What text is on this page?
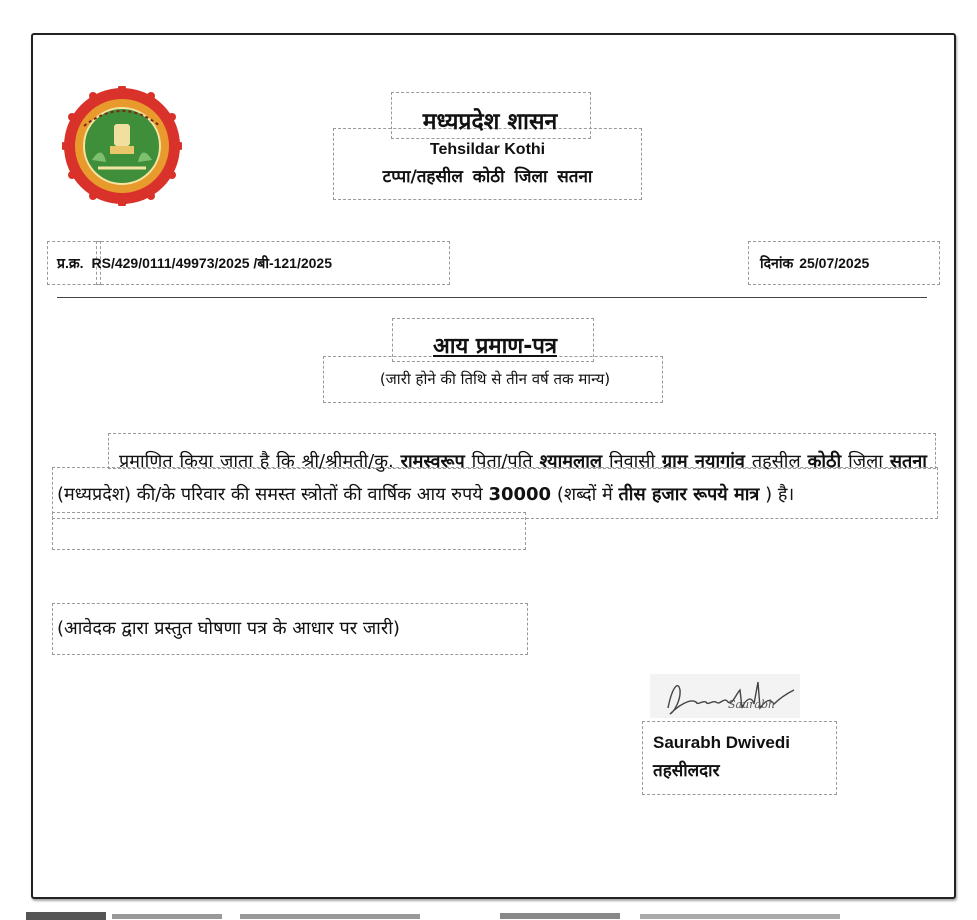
मध्यप्रदेश शासन
Tehsildar Kothi
टप्पा/तहसील कोठी जिला सतना
प्र.क्र. RS/429/0111/49973/2025 /बी-121/2025	दिनांक 25/07/2025
आय प्रमाण-पत्र
(जारी होने की तिथि से तीन वर्ष तक मान्य)
प्रमाणित किया जाता है कि श्री/श्रीमती/कु. रामस्वरूप पिता/पति श्यामलाल निवासी ग्राम नयागांव तहसील कोठी जिला सतना (मध्यप्रदेश) की/के परिवार की समस्त स्त्रोतों की वार्षिक आय रुपये 30000 (शब्दों में तीस हजार रूपये मात्र ) है।
(आवेदक द्वारा प्रस्तुत घोषणा पत्र के आधार पर जारी)
Saurabh
Saurabh Dwivedi
तहसीलदार
